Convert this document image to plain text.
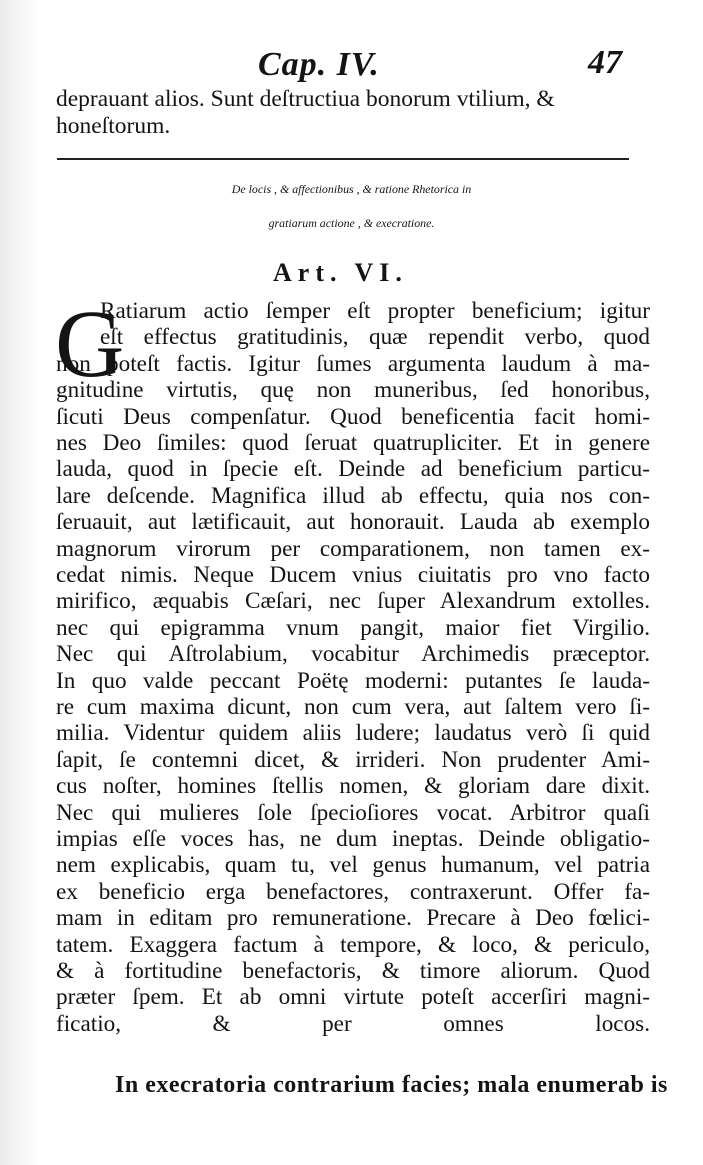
Cap. IV.	47
deprauant alios. Sunt deſtructiua bonorum vtilium, &
honeſtorum.
De locis , & affectionibus , & ratione Rhetorica in
gratiarum actione , & execratione.
Art. VI.
G
Ratiarum actio ſemper eſt propter beneficium; igitur
eſt effectus gratitudinis, quæ rependit verbo, quod
non poteſt factis. Igitur ſumes argumenta laudum à ma-
gnitudine virtutis, quę non muneribus, ſed honoribus,
ſicuti Deus compenſatur. Quod beneficentia facit homi-
nes Deo ſimiles: quod ſeruat quatrupliciter. Et in genere
lauda, quod in ſpecie eſt. Deinde ad beneficium particu-
lare deſcende. Magnifica illud ab effectu, quia nos con-
ſeruauit, aut lætificauit, aut honorauit. Lauda ab exemplo
magnorum virorum per comparationem, non tamen ex-
cedat nimis. Neque Ducem vnius ciuitatis pro vno facto
mirifico, æquabis Cæſari, nec ſuper Alexandrum extolles.
nec qui epigramma vnum pangit, maior fiet Virgilio.
Nec qui Aſtrolabium, vocabitur Archimedis præceptor.
In quo valde peccant Poëtę moderni: putantes ſe lauda-
re cum maxima dicunt, non cum vera, aut ſaltem vero ſi-
milia. Videntur quidem aliis ludere; laudatus verò ſi quid
ſapit, ſe contemni dicet, & irrideri. Non prudenter Ami-
cus noſter, homines ſtellis nomen, & gloriam dare dixit.
Nec qui mulieres ſole ſpecioſiores vocat. Arbitror quaſi
impias eſſe voces has, ne dum ineptas. Deinde obligatio-
nem explicabis, quam tu, vel genus humanum, vel patria
ex beneficio erga benefactores, contraxerunt. Offer fa-
mam in editam pro remuneratione. Precare à Deo fœlici-
tatem. Exaggera factum à tempore, & loco, & periculo,
& à fortitudine benefactoris, & timore aliorum. Quod
præter ſpem. Et ab omni virtute poteſt accerſiri magni-
ficatio, & per omnes locos.
In execratoria contrarium facies; mala enumerab is
